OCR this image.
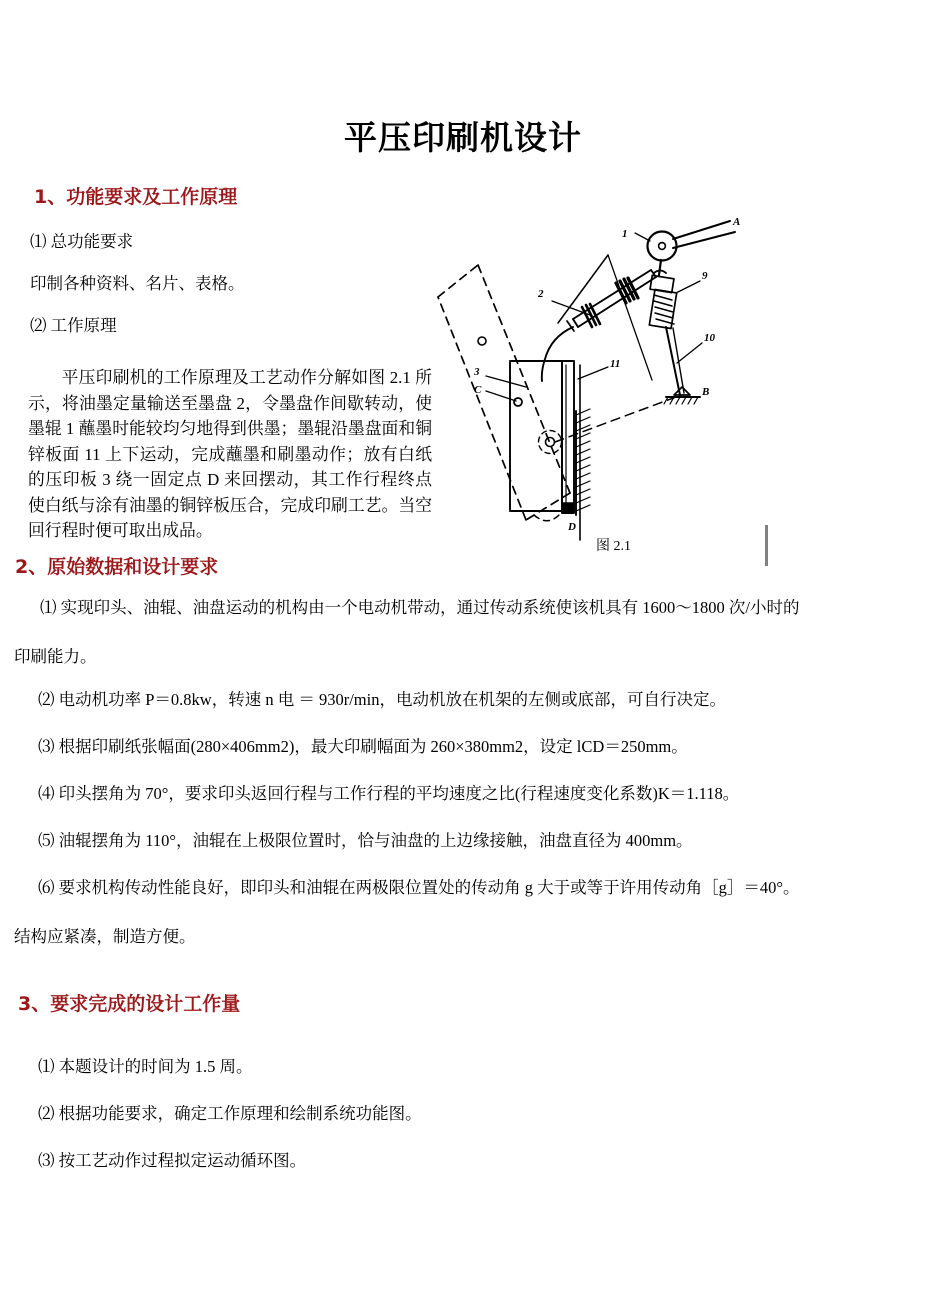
平压印刷机设计
1、功能要求及工作原理
⑴ 总功能要求
印制各种资料、名片、表格。
⑵ 工作原理
平压印刷机的工作原理及工艺动作分解如图 2.1 所示，将油墨定量输送至墨盘 2，令墨盘作间歇转动，使墨辊 1 蘸墨时能较均匀地得到供墨；墨辊沿墨盘面和铜锌板面 11 上下运动，完成蘸墨和刷墨动作；放有白纸的压印板 3 绕一固定点 D 来回摆动，其工作行程终点使白纸与涂有油墨的铜锌板压合，完成印刷工艺。当空回行程时便可取出成品。
1
2
3
9
10
11
A
B
C
D
图 2.1
2、原始数据和设计要求
⑴ 实现印头、油辊、油盘运动的机构由一个电动机带动，通过传动系统使该机具有 1600～1800 次/小时的
印刷能力。
⑵ 电动机功率 P＝0.8kw，转速 n 电 ＝ 930r/min，电动机放在机架的左侧或底部，可自行决定。
⑶ 根据印刷纸张幅面(280×406mm2)，最大印刷幅面为 260×380mm2，设定 lCD＝250mm。
⑷ 印头摆角为 70°，要求印头返回行程与工作行程的平均速度之比(行程速度变化系数)K＝1.118。
⑸ 油辊摆角为 110°，油辊在上极限位置时，恰与油盘的上边缘接触，油盘直径为 400mm。
⑹ 要求机构传动性能良好，即印头和油辊在两极限位置处的传动角 g 大于或等于许用传动角［g］＝40°。
结构应紧凑，制造方便。
3、要求完成的设计工作量
⑴ 本题设计的时间为 1.5 周。
⑵ 根据功能要求，确定工作原理和绘制系统功能图。
⑶ 按工艺动作过程拟定运动循环图。
